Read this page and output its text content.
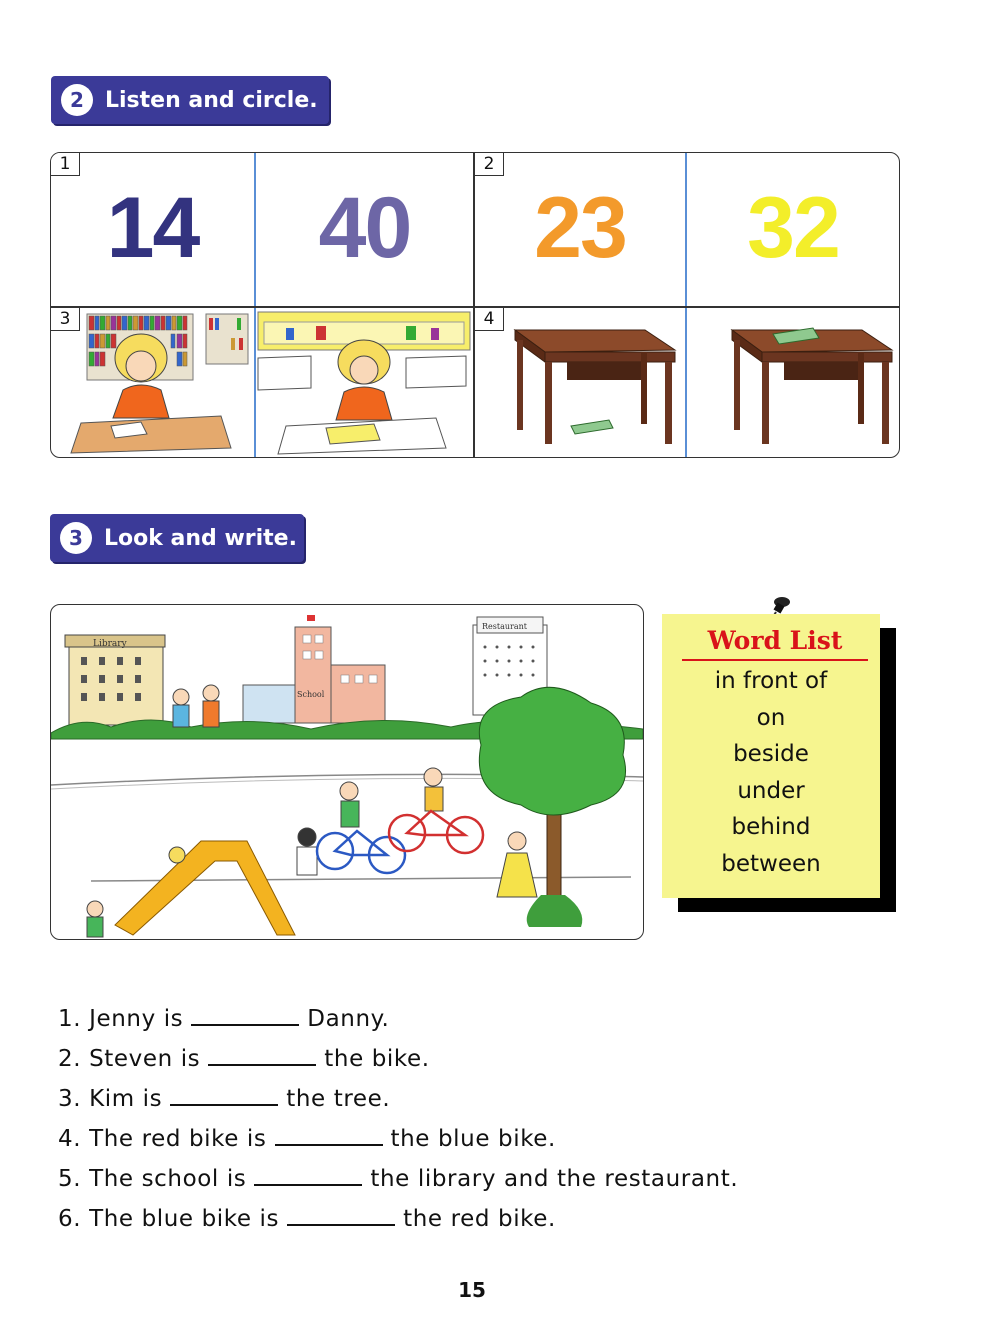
2 Listen and circle.
1
14	40
2
23	32
3	4
3 Look and write.
Library
School
Restaurant	Word List
in front of
on
beside
under
behind
between
1. Jenny is	Danny.
2. Steven is	the bike.
3. Kim is	the tree.
4. The red bike is	the blue bike.
5. The school is	the library and the restaurant.
6. The blue bike is	the red bike.
15
